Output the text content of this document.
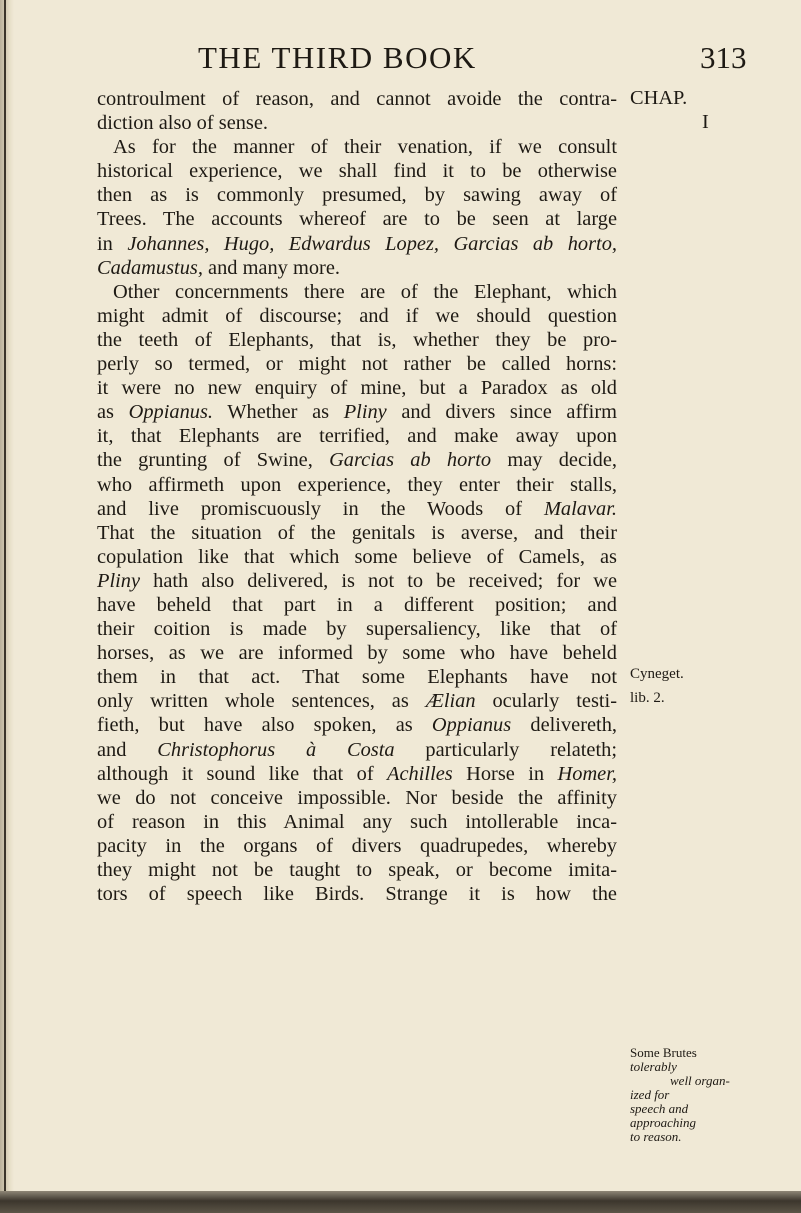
THE THIRD BOOK	313
controulment of reason, and cannot avoide the contra-
diction also of sense.
As for the manner of their venation, if we consult
historical experience, we shall find it to be otherwise
then as is commonly presumed, by sawing away of
Trees. The accounts whereof are to be seen at large
in Johannes, Hugo, Edwardus Lopez, Garcias ab horto,
Cadamustus, and many more.
Other concernments there are of the Elephant, which
might admit of discourse; and if we should question
the teeth of Elephants, that is, whether they be pro-
perly so termed, or might not rather be called horns:
it were no new enquiry of mine, but a Paradox as old
as Oppianus. Whether as Pliny and divers since affirm
it, that Elephants are terrified, and make away upon
the grunting of Swine, Garcias ab horto may decide,
who affirmeth upon experience, they enter their stalls,
and live promiscuously in the Woods of Malavar.
That the situation of the genitals is averse, and their
copulation like that which some believe of Camels, as
Pliny hath also delivered, is not to be received; for we
have beheld that part in a different position; and
their coition is made by supersaliency, like that of
horses, as we are informed by some who have beheld
them in that act. That some Elephants have not
only written whole sentences, as Ælian ocularly testi-
fieth, but have also spoken, as Oppianus delivereth,
and Christophorus à Costa particularly relateth;
although it sound like that of Achilles Horse in Homer,
we do not conceive impossible. Nor beside the affinity
of reason in this Animal any such intollerable inca-
pacity in the organs of divers quadrupedes, whereby
they might not be taught to speak, or become imita-
tors of speech like Birds. Strange it is how the
CHAP.
I
Cyneget.
lib. 2.
Some Brutes
tolerably
well organ-
ized for
speech and
approaching
to reason.
